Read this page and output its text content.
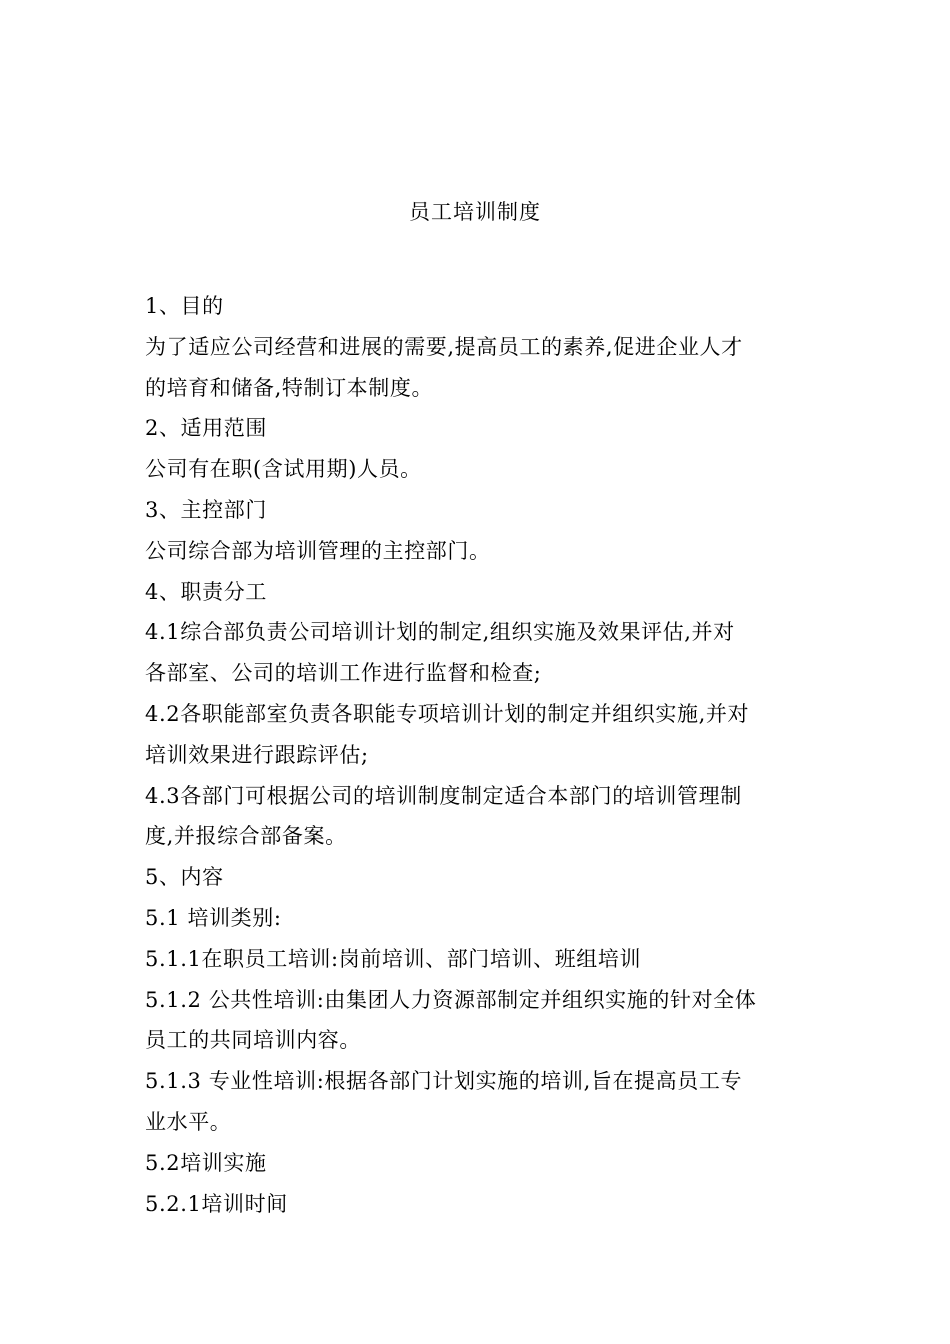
员工培训制度

1、目的

为了适应公司经营和进展的需要,提高员工的素养,促进企业人才

的培育和储备,特制订本制度。

2、适用范围

公司有在职(含试用期)人员。

3、主控部门

公司综合部为培训管理的主控部门。

4、职责分工

4.1综合部负责公司培训计划的制定,组织实施及效果评估,并对

各部室、公司的培训工作进行监督和检查;

4.2各职能部室负责各职能专项培训计划的制定并组织实施,并对

培训效果进行跟踪评估;

4.3各部门可根据公司的培训制度制定适合本部门的培训管理制

度,并报综合部备案。

5、内容

5.1 培训类别:

5.1.1在职员工培训:岗前培训、部门培训、班组培训

5.1.2 公共性培训:由集团人力资源部制定并组织实施的针对全体

员工的共同培训内容。

5.1.3 专业性培训:根据各部门计划实施的培训,旨在提高员工专

业水平。

5.2培训实施

5.2.1培训时间
